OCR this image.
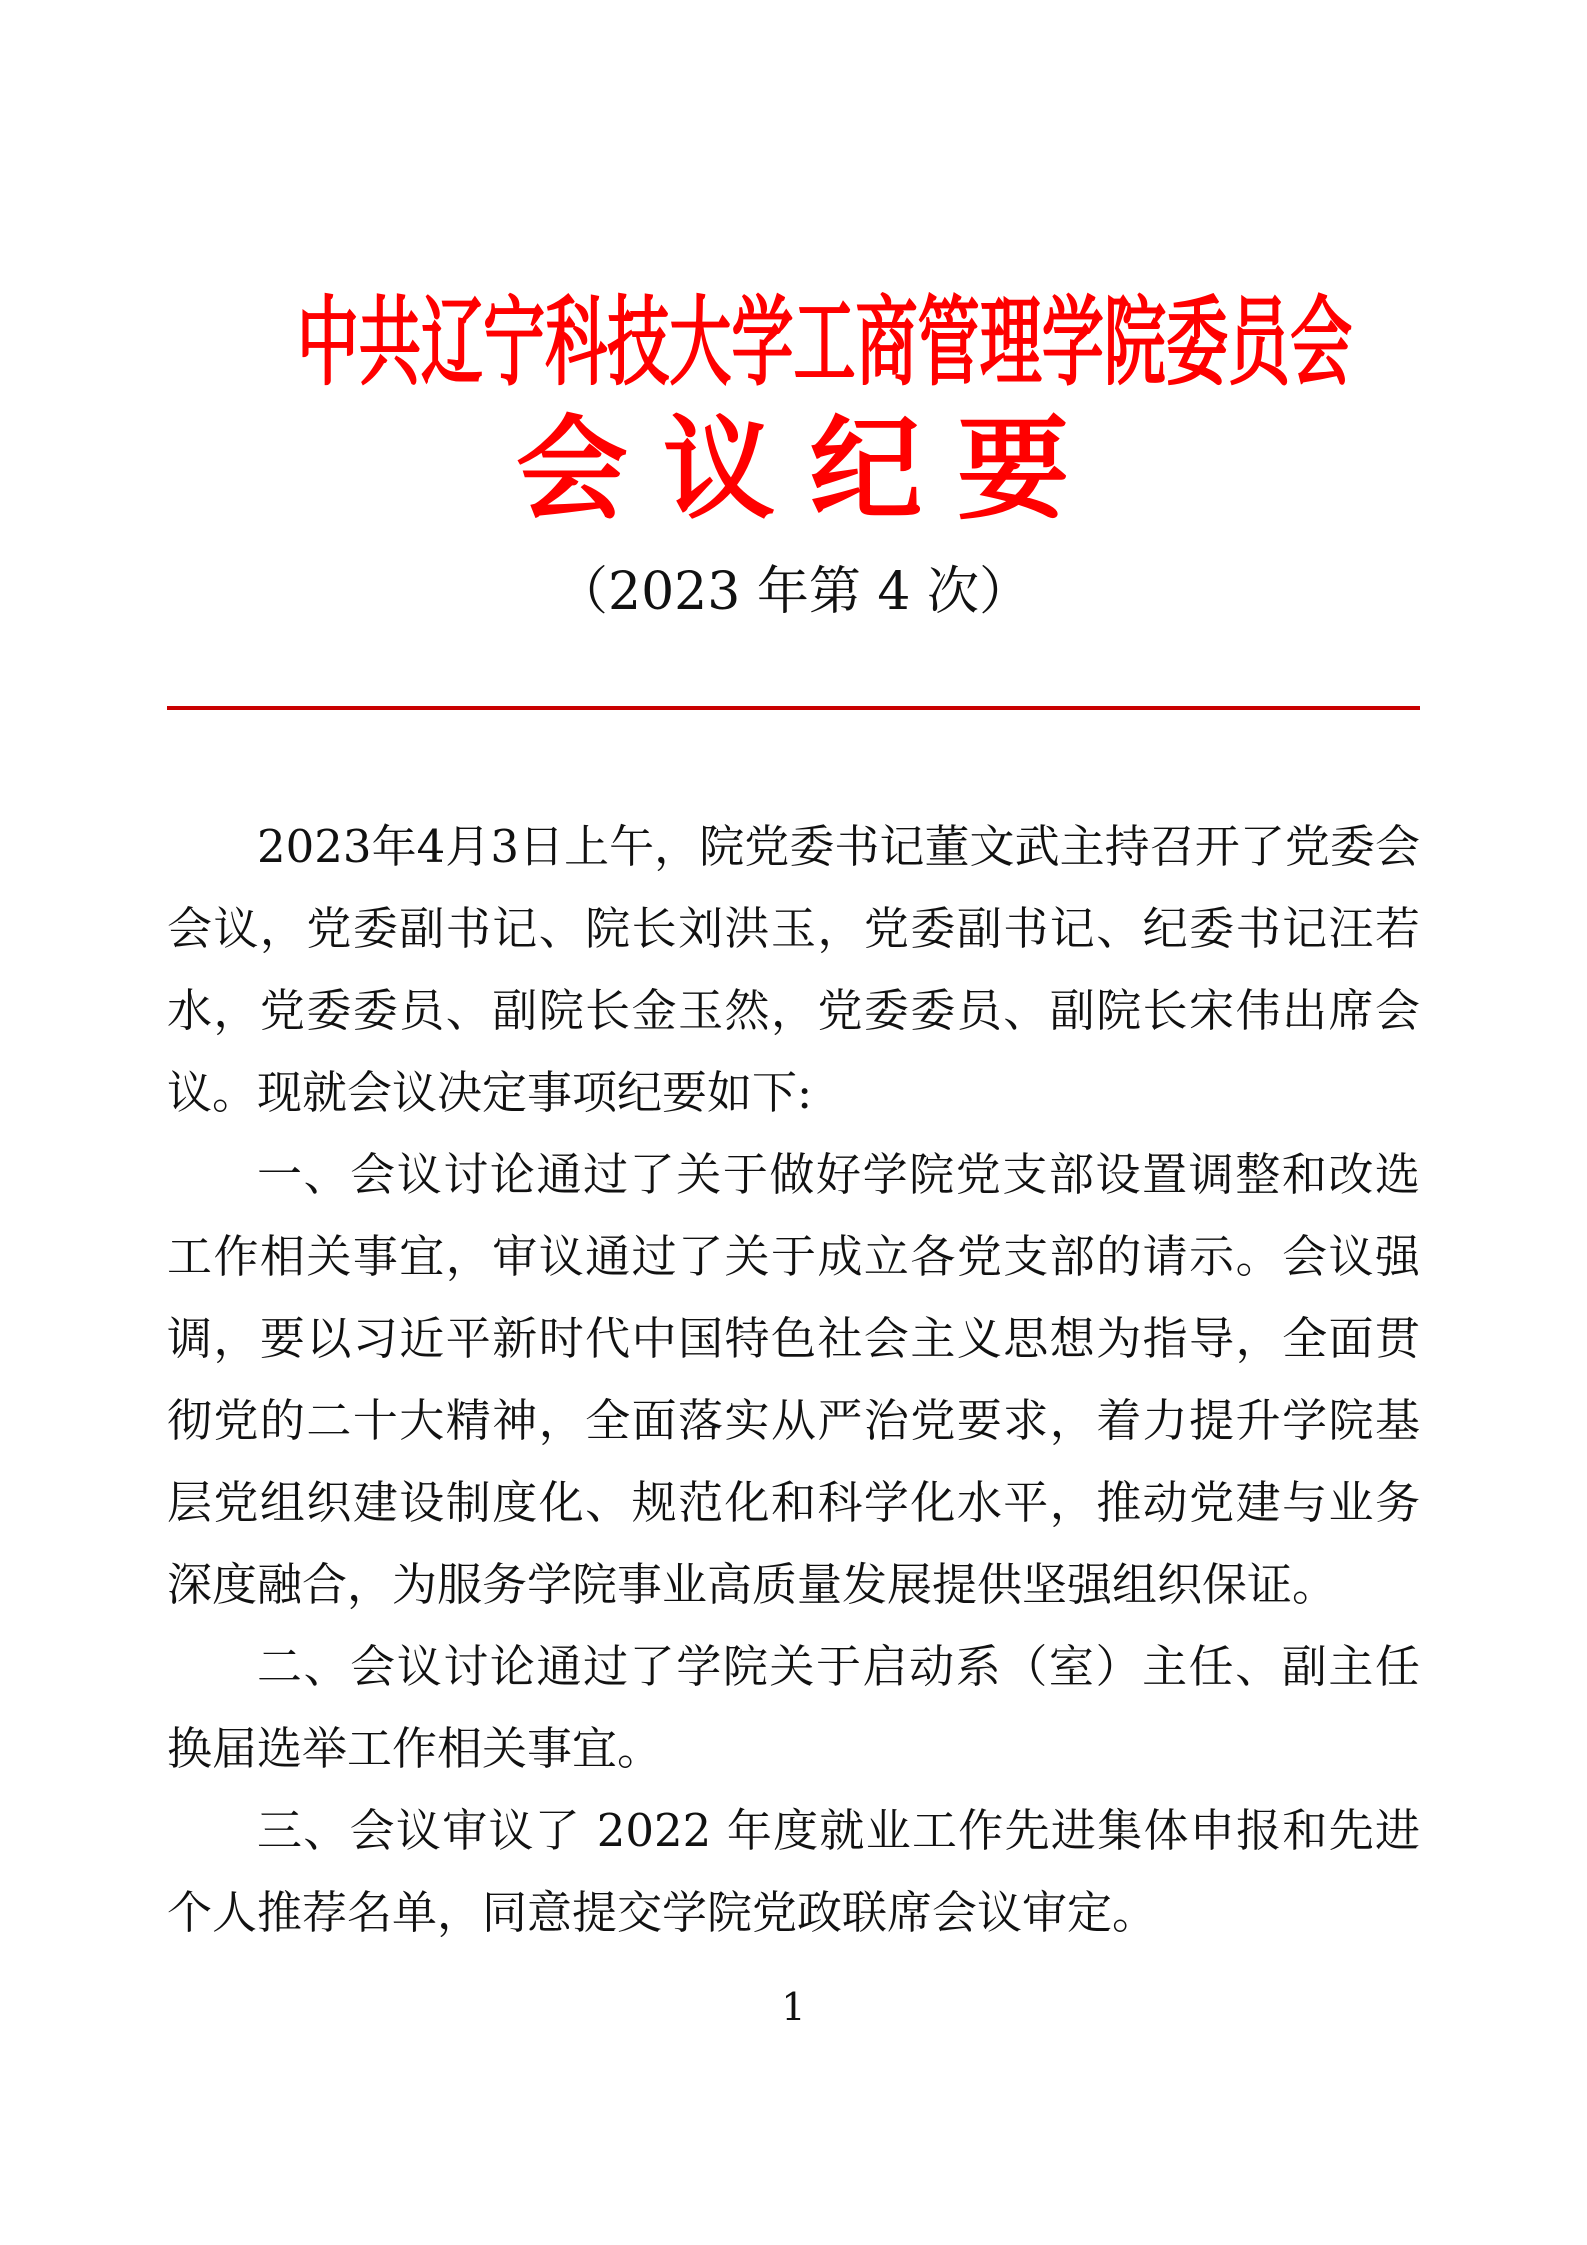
中共辽宁科技大学工商管理学院委员会
会 议 纪 要
（2023 年第 4 次）

2023年4月3日上午，院党委书记董文武主持召开了党委会会议，党委副书记、院长刘洪玉，党委副书记、纪委书记汪若水，党委委员、副院长金玉然，党委委员、副院长宋伟出席会议。现就会议决定事项纪要如下:

一、会议讨论通过了关于做好学院党支部设置调整和改选工作相关事宜，审议通过了关于成立各党支部的请示。会议强调，要以习近平新时代中国特色社会主义思想为指导，全面贯彻党的二十大精神，全面落实从严治党要求，着力提升学院基层党组织建设制度化、规范化和科学化水平，推动党建与业务深度融合，为服务学院事业高质量发展提供坚强组织保证。

二、会议讨论通过了学院关于启动系（室）主任、副主任换届选举工作相关事宜。

三、会议审议了 2022 年度就业工作先进集体申报和先进个人推荐名单，同意提交学院党政联席会议审定。

1
